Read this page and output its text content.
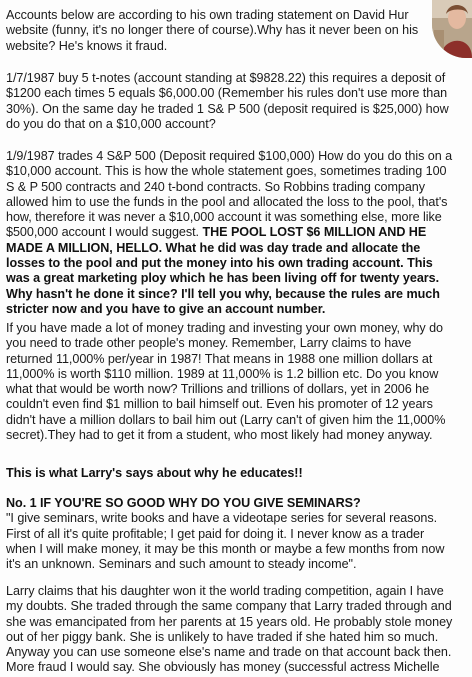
Accounts below are according to his own trading statement on David Hur

website (funny, it's no longer there of course).Why has it never been on his

website? He's knows it fraud.

1/7/1987 buy 5 t-notes (account standing at $9828.22) this requires a deposit of

$1200 each times 5 equals $6,000.00 (Remember his rules don't use more than

30%). On the same day he traded 1 S& P 500 (deposit required is $25,000) how

do you do that on a $10,000 account?

1/9/1987 trades 4 S&P 500 (Deposit required $100,000) How do you do this on a

$10,000 account. This is how the whole statement goes, sometimes trading 100

S & P 500 contracts and 240 t-bond contracts. So Robbins trading company

allowed him to use the funds in the pool and allocated the loss to the pool, that's

how, therefore it was never a $10,000 account it was something else, more like

$500,000 account I would suggest. THE POOL LOST $6 MILLION AND HE

MADE A MILLION, HELLO. What he did was day trade and allocate the

losses to the pool and put the money into his own trading account. This

was a great marketing ploy which he has been living off for twenty years.

Why hasn't he done it since? I'll tell you why, because the rules are much

stricter now and you have to give an account number.

If you have made a lot of money trading and investing your own money, why do

you need to trade other people's money. Remember, Larry claims to have

returned 11,000% per/year in 1987! That means in 1988 one million dollars at

11,000% is worth $110 million. 1989 at 11,000% is 1.2 billion etc. Do you know

what that would be worth now? Trillions and trillions of dollars, yet in 2006 he

couldn't even find $1 million to bail himself out. Even his promoter of 12 years

didn't have a million dollars to bail him out (Larry can't of given him the 11,000%

secret).They had to get it from a student, who most likely had money anyway.

This is what Larry's says about why he educates!!

No. 1 IF YOU'RE SO GOOD WHY DO YOU GIVE SEMINARS?

"I give seminars, write books and have a videotape series for several reasons.

First of all it's quite profitable; I get paid for doing it. I never know as a trader

when I will make money, it may be this month or maybe a few months from now

it's an unknown. Seminars and such amount to steady income".

Larry claims that his daughter won it the world trading competition, again I have

my doubts. She traded through the same company that Larry traded through and

she was emancipated from her parents at 15 years old. He probably stole money

out of her piggy bank. She is unlikely to have traded if she hated him so much.

Anyway you can use someone else's name and trade on that account back then.

More fraud I would say. She obviously has money (successful actress Michelle
